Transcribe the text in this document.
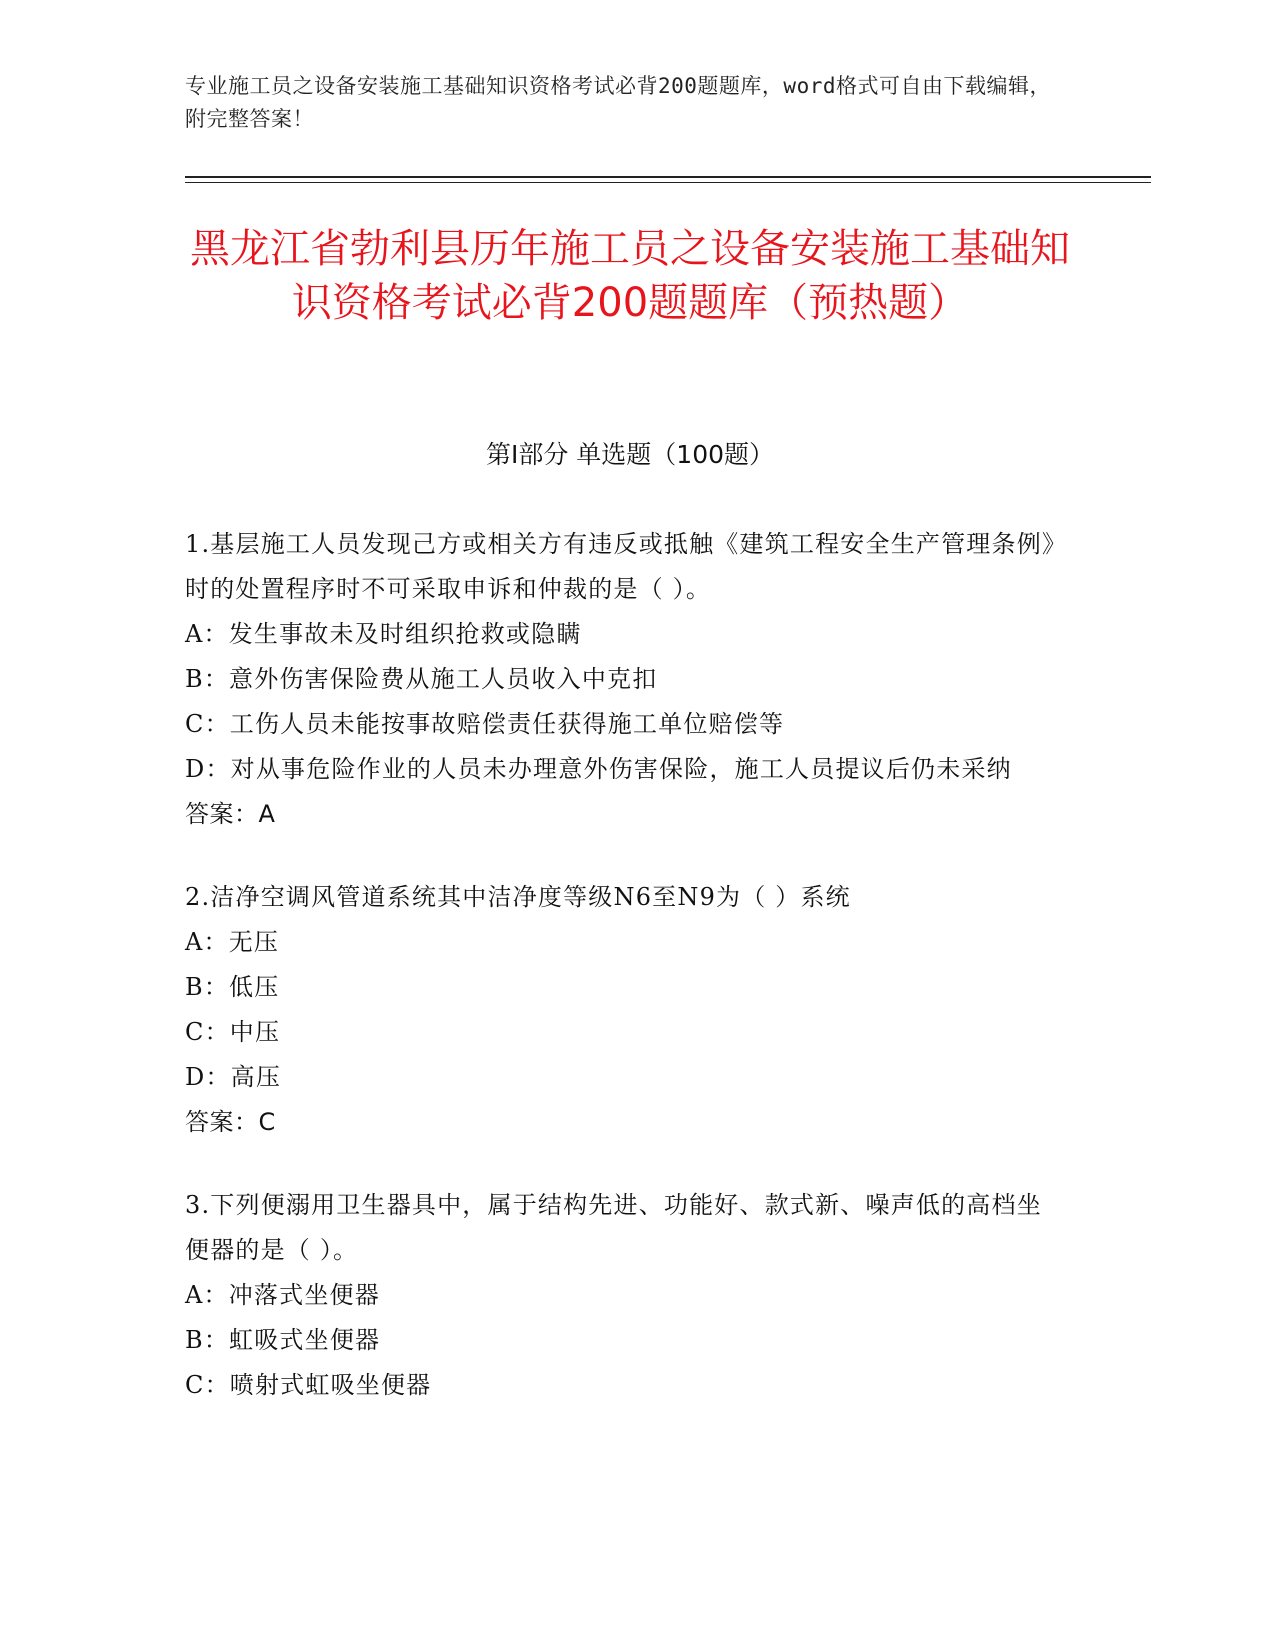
专业施工员之设备安装施工基础知识资格考试必背200题题库，word格式可自由下载编辑，附完整答案！
黑龙江省勃利县历年施工员之设备安装施工基础知识资格考试必背200题题库（预热题）
第Ⅰ部分 单选题（100题）

1.基层施工人员发现己方或相关方有违反或抵触《建筑工程安全生产管理条例》时的处置程序时不可采取申诉和仲裁的是（ ）。

A：发生事故未及时组织抢救或隐瞒

B：意外伤害保险费从施工人员收入中克扣

C：工伤人员未能按事故赔偿责任获得施工单位赔偿等

D：对从事危险作业的人员未办理意外伤害保险，施工人员提议后仍未采纳

答案：A

2.洁净空调风管道系统其中洁净度等级N6至N9为（ ）系统

A：无压

B：低压

C：中压

D：高压

答案：C

3.下列便溺用卫生器具中，属于结构先进、功能好、款式新、噪声低的高档坐便器的是（ ）。

A：冲落式坐便器

B：虹吸式坐便器

C：喷射式虹吸坐便器
